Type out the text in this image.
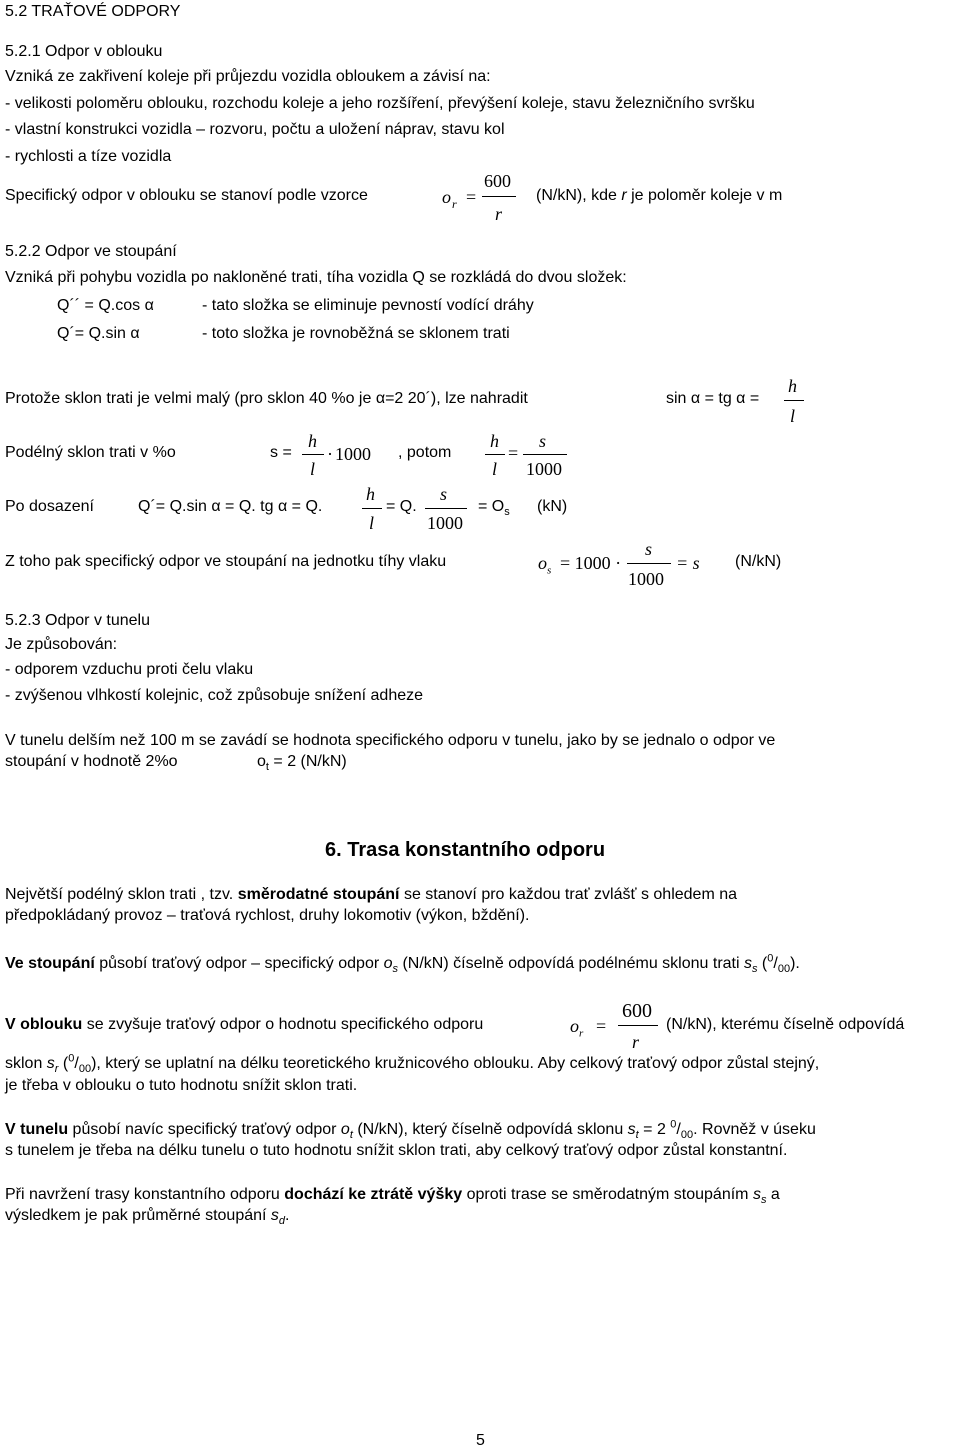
5.2 TRAŤOVÉ ODPORY
5.2.1 Odpor v oblouku
Vzniká ze zakřivení koleje při průjezdu vozidla obloukem a závisí na:
- velikosti poloměru oblouku, rozchodu koleje a jeho rozšíření, převýšení koleje, stavu železničního svršku
- vlastní konstrukci vozidla – rozvoru, počtu a uložení náprav, stavu kol
- rychlosti a tíze vozidla
Specifický odpor v oblouku se stanoví podle vzorce	o r =
600
r
(N/kN), kde r je poloměr koleje v m
5.2.2 Odpor ve stoupání
Vzniká při pohybu vozidla po nakloněné trati, tíha vozidla Q se rozkládá do dvou složek:
Q´´ = Q.cos α	- tato složka se eliminuje pevností vodící dráhy
Q´= Q.sin α	- toto složka je rovnoběžná se sklonem trati
Protože sklon trati je velmi malý (pro sklon 40 %o je α=2 20´), lze nahradit	sin α = tg α =
h
l
Podélný sklon trati v %o	s =
h
l
· 1000 , potom
h
l
=
s
1000
Po dosazení	Q´= Q.sin α = Q. tg α = Q.
h
l
= Q.
s
1000
= $O_s$ (kN)
Z toho pak specifický odpor ve stoupání na jednotku tíhy vlaku	$o_s = 1000$ ·
s
1000
= s (N/kN)
5.2.3 Odpor v tunelu
Je způsobován:
- odporem vzduchu proti čelu vlaku
- zvýšenou vlhkostí kolejnic, což způsobuje snížení adheze
V tunelu delším než 100 m se zavádí se hodnota specifického odporu v tunelu, jako by se jednalo o odpor ve
stoupání v hodnotě 2%o	$o_t = 2$ (N/kN)
6. Trasa konstantního odporu
Největší podélný sklon trati , tzv. směrodatné stoupání se stanoví pro každou trať zvlášť s ohledem na
předpokládaný provoz – traťová rychlost, druhy lokomotiv (výkon, bždění).
Ve stoupání působí traťový odpor – specifický odpor $o_s$ (N/kN) číselně odpovídá podélnému sklonu trati $s_s$ $(^0/_{00})$.
V oblouku se zvyšuje traťový odpor o hodnotu specifického odporu	$o_r$ =
600
r
(N/kN), kterému číselně odpovídá
sklon $s_r$ $(^0/_{00})$, který se uplatní na délku teoretického kružnicového oblouku. Aby celkový traťový odpor zůstal stejný,
je třeba v oblouku o tuto hodnotu snížit sklon trati.
V tunelu působí navíc specifický traťový odpor $o_t$ (N/kN), který číselně odpovídá sklonu $s_t = 2$ $^0/_{00}$. Rovněž v úseku
s tunelem je třeba na délku tunelu o tuto hodnotu snížit sklon trati, aby celkový traťový odpor zůstal konstantní.
Při navržení trasy konstantního odporu dochází ke ztrátě výšky oproti trase se směrodatným stoupáním $s_s$ a
výsledkem je pak průměrné stoupání $s_d$.
5
